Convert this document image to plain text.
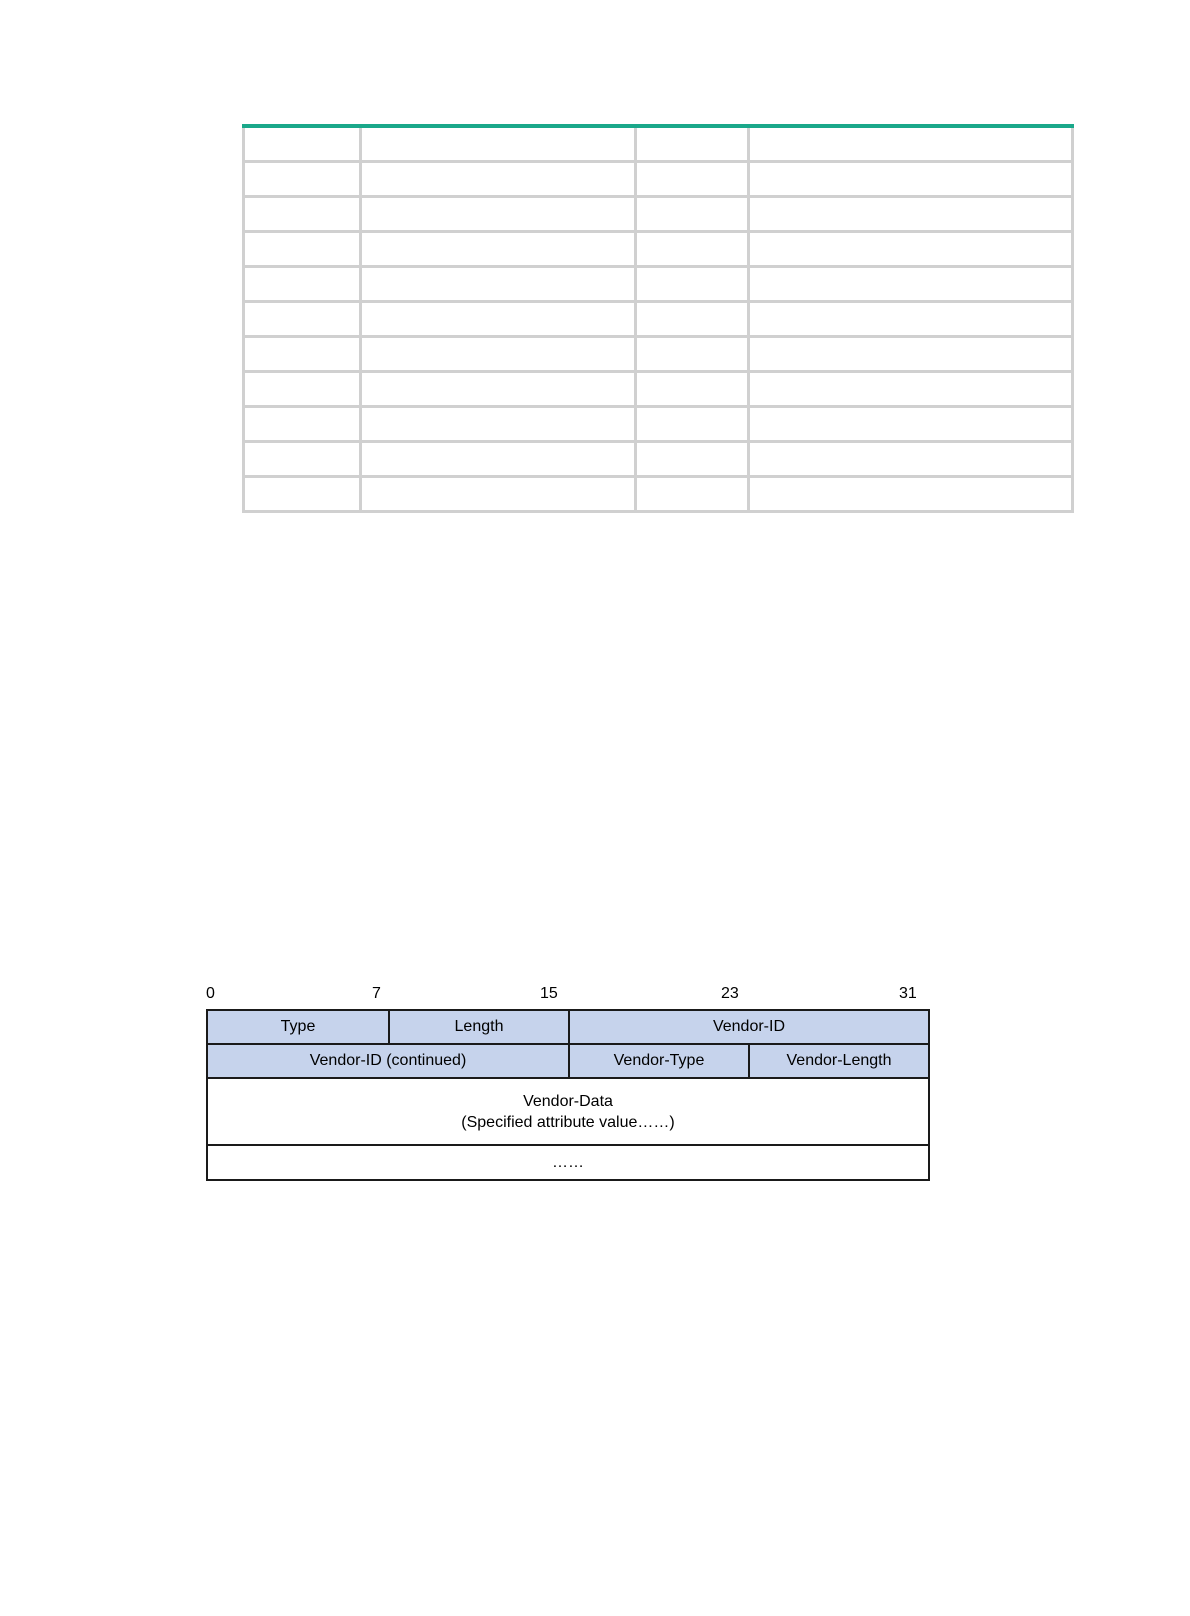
0	7	15	23	31
Type	Length	Vendor-ID
Vendor-ID (continued)	Vendor-Type	Vendor-Length
Vendor-Data
(Specified attribute value……)
……
